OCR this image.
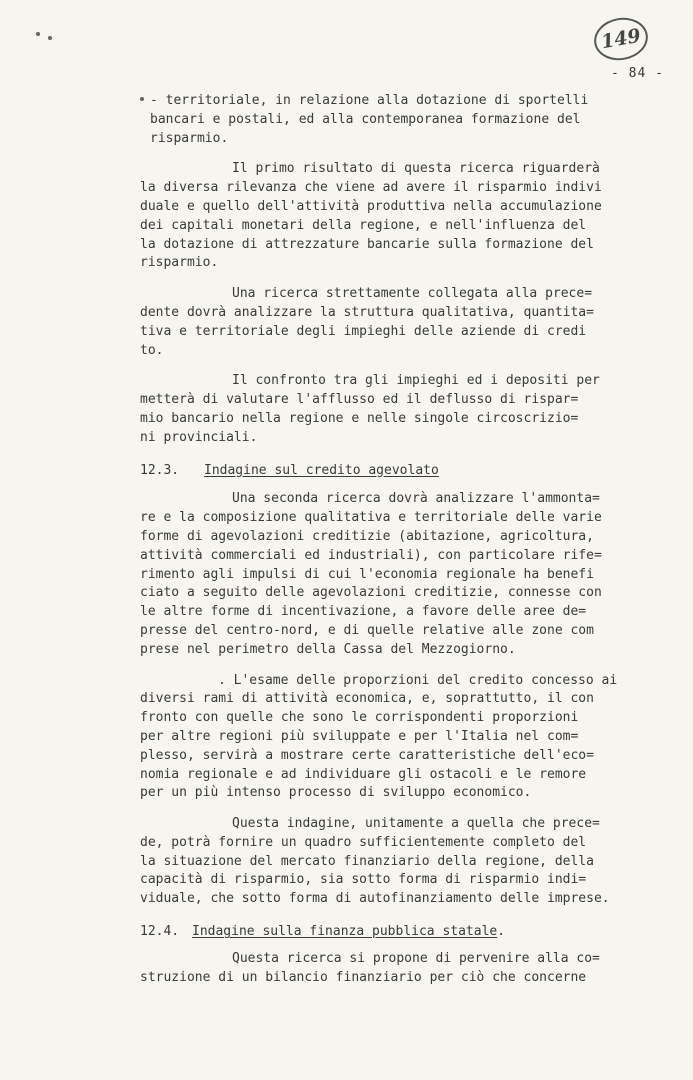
149
- 84 -

- territoriale, in relazione alla dotazione di sportelli
bancari e postali, ed alla contemporanea formazione del
risparmio.

Il primo risultato di questa ricerca riguarderà
la diversa rilevanza che viene ad avere il risparmio indivi
duale e quello dell'attività produttiva nella accumulazione
dei capitali monetari della regione, e nell'influenza del
la dotazione di attrezzature bancarie sulla formazione del
risparmio.

Una ricerca strettamente collegata alla prece=
dente dovrà analizzare la struttura qualitativa, quantita=
tiva e territoriale degli impieghi delle aziende di credi
to.

Il confronto tra gli impieghi ed i depositi per
metterà di valutare l'afflusso ed il deflusso di rispar=
mio bancario nella regione e nelle singole circoscrizio=
ni provinciali.

12.3.	Indagine sul credito agevolato

Una seconda ricerca dovrà analizzare l'ammonta=
re e la composizione qualitativa e territoriale delle varie
forme di agevolazioni creditizie (abitazione, agricoltura,
attività commerciali ed industriali), con particolare rife=
rimento agli impulsi di cui l'economia regionale ha benefi
ciato a seguito delle agevolazioni creditizie, connesse con
le altre forme di incentivazione, a favore delle aree de=
presse del centro-nord, e di quelle relative alle zone com
prese nel perimetro della Cassa del Mezzogiorno.

. L'esame delle proporzioni del credito concesso ai
diversi rami di attività economica, e, soprattutto, il con
fronto con quelle che sono le corrispondenti proporzioni
per altre regioni più sviluppate e per l'Italia nel com=
plesso, servirà a mostrare certe caratteristiche dell'eco=
nomia regionale e ad individuare gli ostacoli e le remore
per un più intenso processo di sviluppo economico.

Questa indagine, unitamente a quella che prece=
de, potrà fornire un quadro sufficientemente completo del
la situazione del mercato finanziario della regione, della
capacità di risparmio, sia sotto forma di risparmio indi=
viduale, che sotto forma di autofinanziamento delle imprese.

12.4. Indagine sulla finanza pubblica statale .

Questa ricerca si propone di pervenire alla co=
struzione di un bilancio finanziario per ciò che concerne
